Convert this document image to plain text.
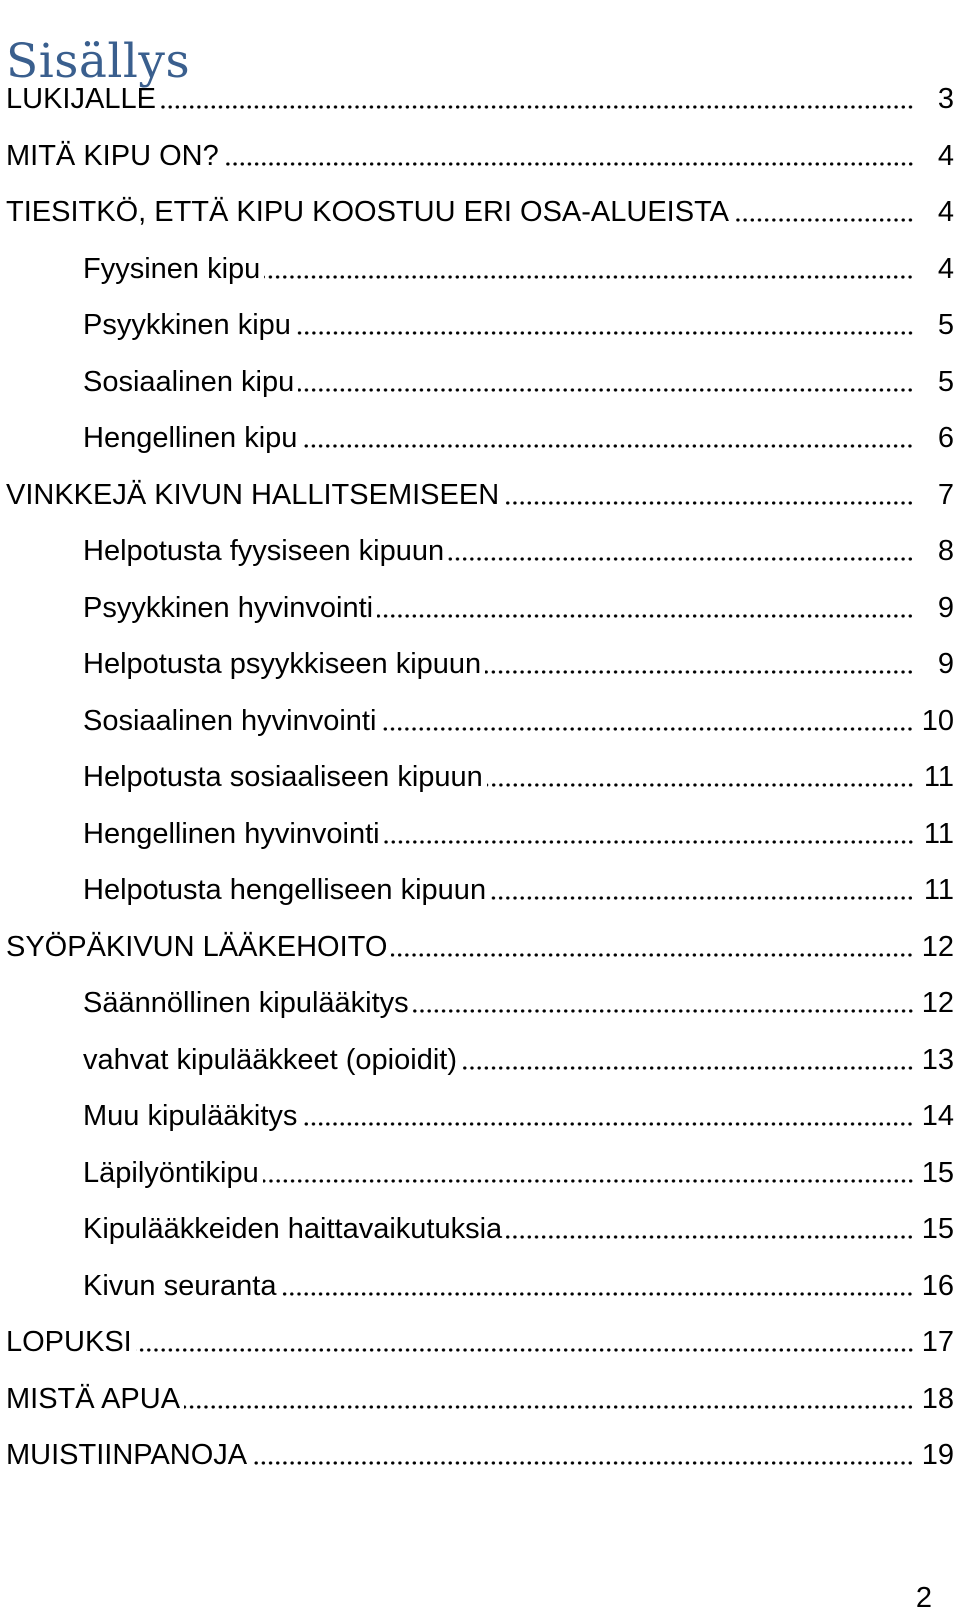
Sisällys
LUKIJALLE	3
MITÄ KIPU ON?	4
TIESITKÖ, ETTÄ KIPU KOOSTUU ERI OSA-ALUEISTA	4
Fyysinen kipu	4
Psyykkinen kipu	5
Sosiaalinen kipu	5
Hengellinen kipu	6
VINKKEJÄ KIVUN HALLITSEMISEEN	7
Helpotusta fyysiseen kipuun	8
Psyykkinen hyvinvointi	9
Helpotusta psyykkiseen kipuun	9
Sosiaalinen hyvinvointi	10
Helpotusta sosiaaliseen kipuun	11
Hengellinen hyvinvointi	11
Helpotusta hengelliseen kipuun	11
SYÖPÄKIVUN LÄÄKEHOITO	12
Säännöllinen kipulääkitys	12
vahvat kipulääkkeet (opioidit)	13
Muu kipulääkitys	14
Läpilyöntikipu	15
Kipulääkkeiden haittavaikutuksia	15
Kivun seuranta	16
LOPUKSI	17
MISTÄ APUA	18
MUISTIINPANOJA	19
2
